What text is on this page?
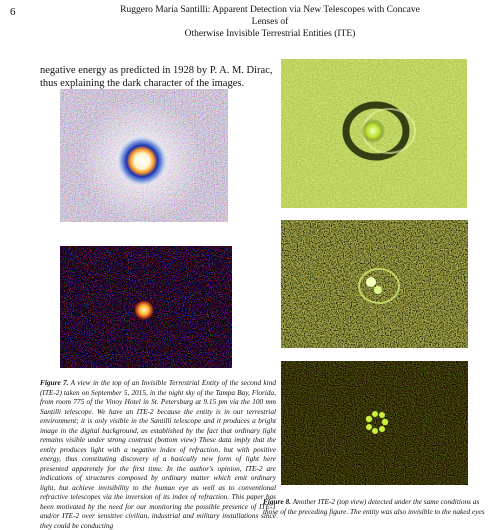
6	Ruggero Maria Santilli: Apparent Detection via New Telescopes with Concave Lenses of
Otherwise Invisible Terrestrial Entities (ITE)
negative energy as predicted in 1928 by P. A. M. Dirac, thus explaining the dark character of the images.
Figure 7. A view in the top of an Invisible Terrestrial Entity of the second kind (ITE-2) taken on September 5, 2015, in the night sky of the Tampa Bay, Florida, from room 775 of the Vinoy Hotel in St. Petersburg at 9.15 pm via the 100 mm Santilli telescope. We have an ITE-2 because the entity is in our terrestrial environment; it is only visible in the Santilli telescope and it produces a bright image in the digital background, as established by the fact that ordinary light remains visible under strong contrast (bottom view) These data imply that the entity produces light with a negative index of refraction, but with positive energy, thus constituting discovery of a basically new form of light here presented apparently for the first time. In the author's opinion, ITE-2 are indications of structures composed by ordinary matter which emit ordinary light, but achieve invisibility to the human eye as well as to conventional refractive telescopes via the inversion of its index of refraction. This paper has been motivated by the need for our monitoring the possible presence of ITE-1 and/or ITE-2 over sensitive civilian, industrial and military installations since they could be conducting
Figure 8. Another ITE-2 (top view) detected under the same conditions as those of the preceding figure. The entity was also invisible to the naked eyes
